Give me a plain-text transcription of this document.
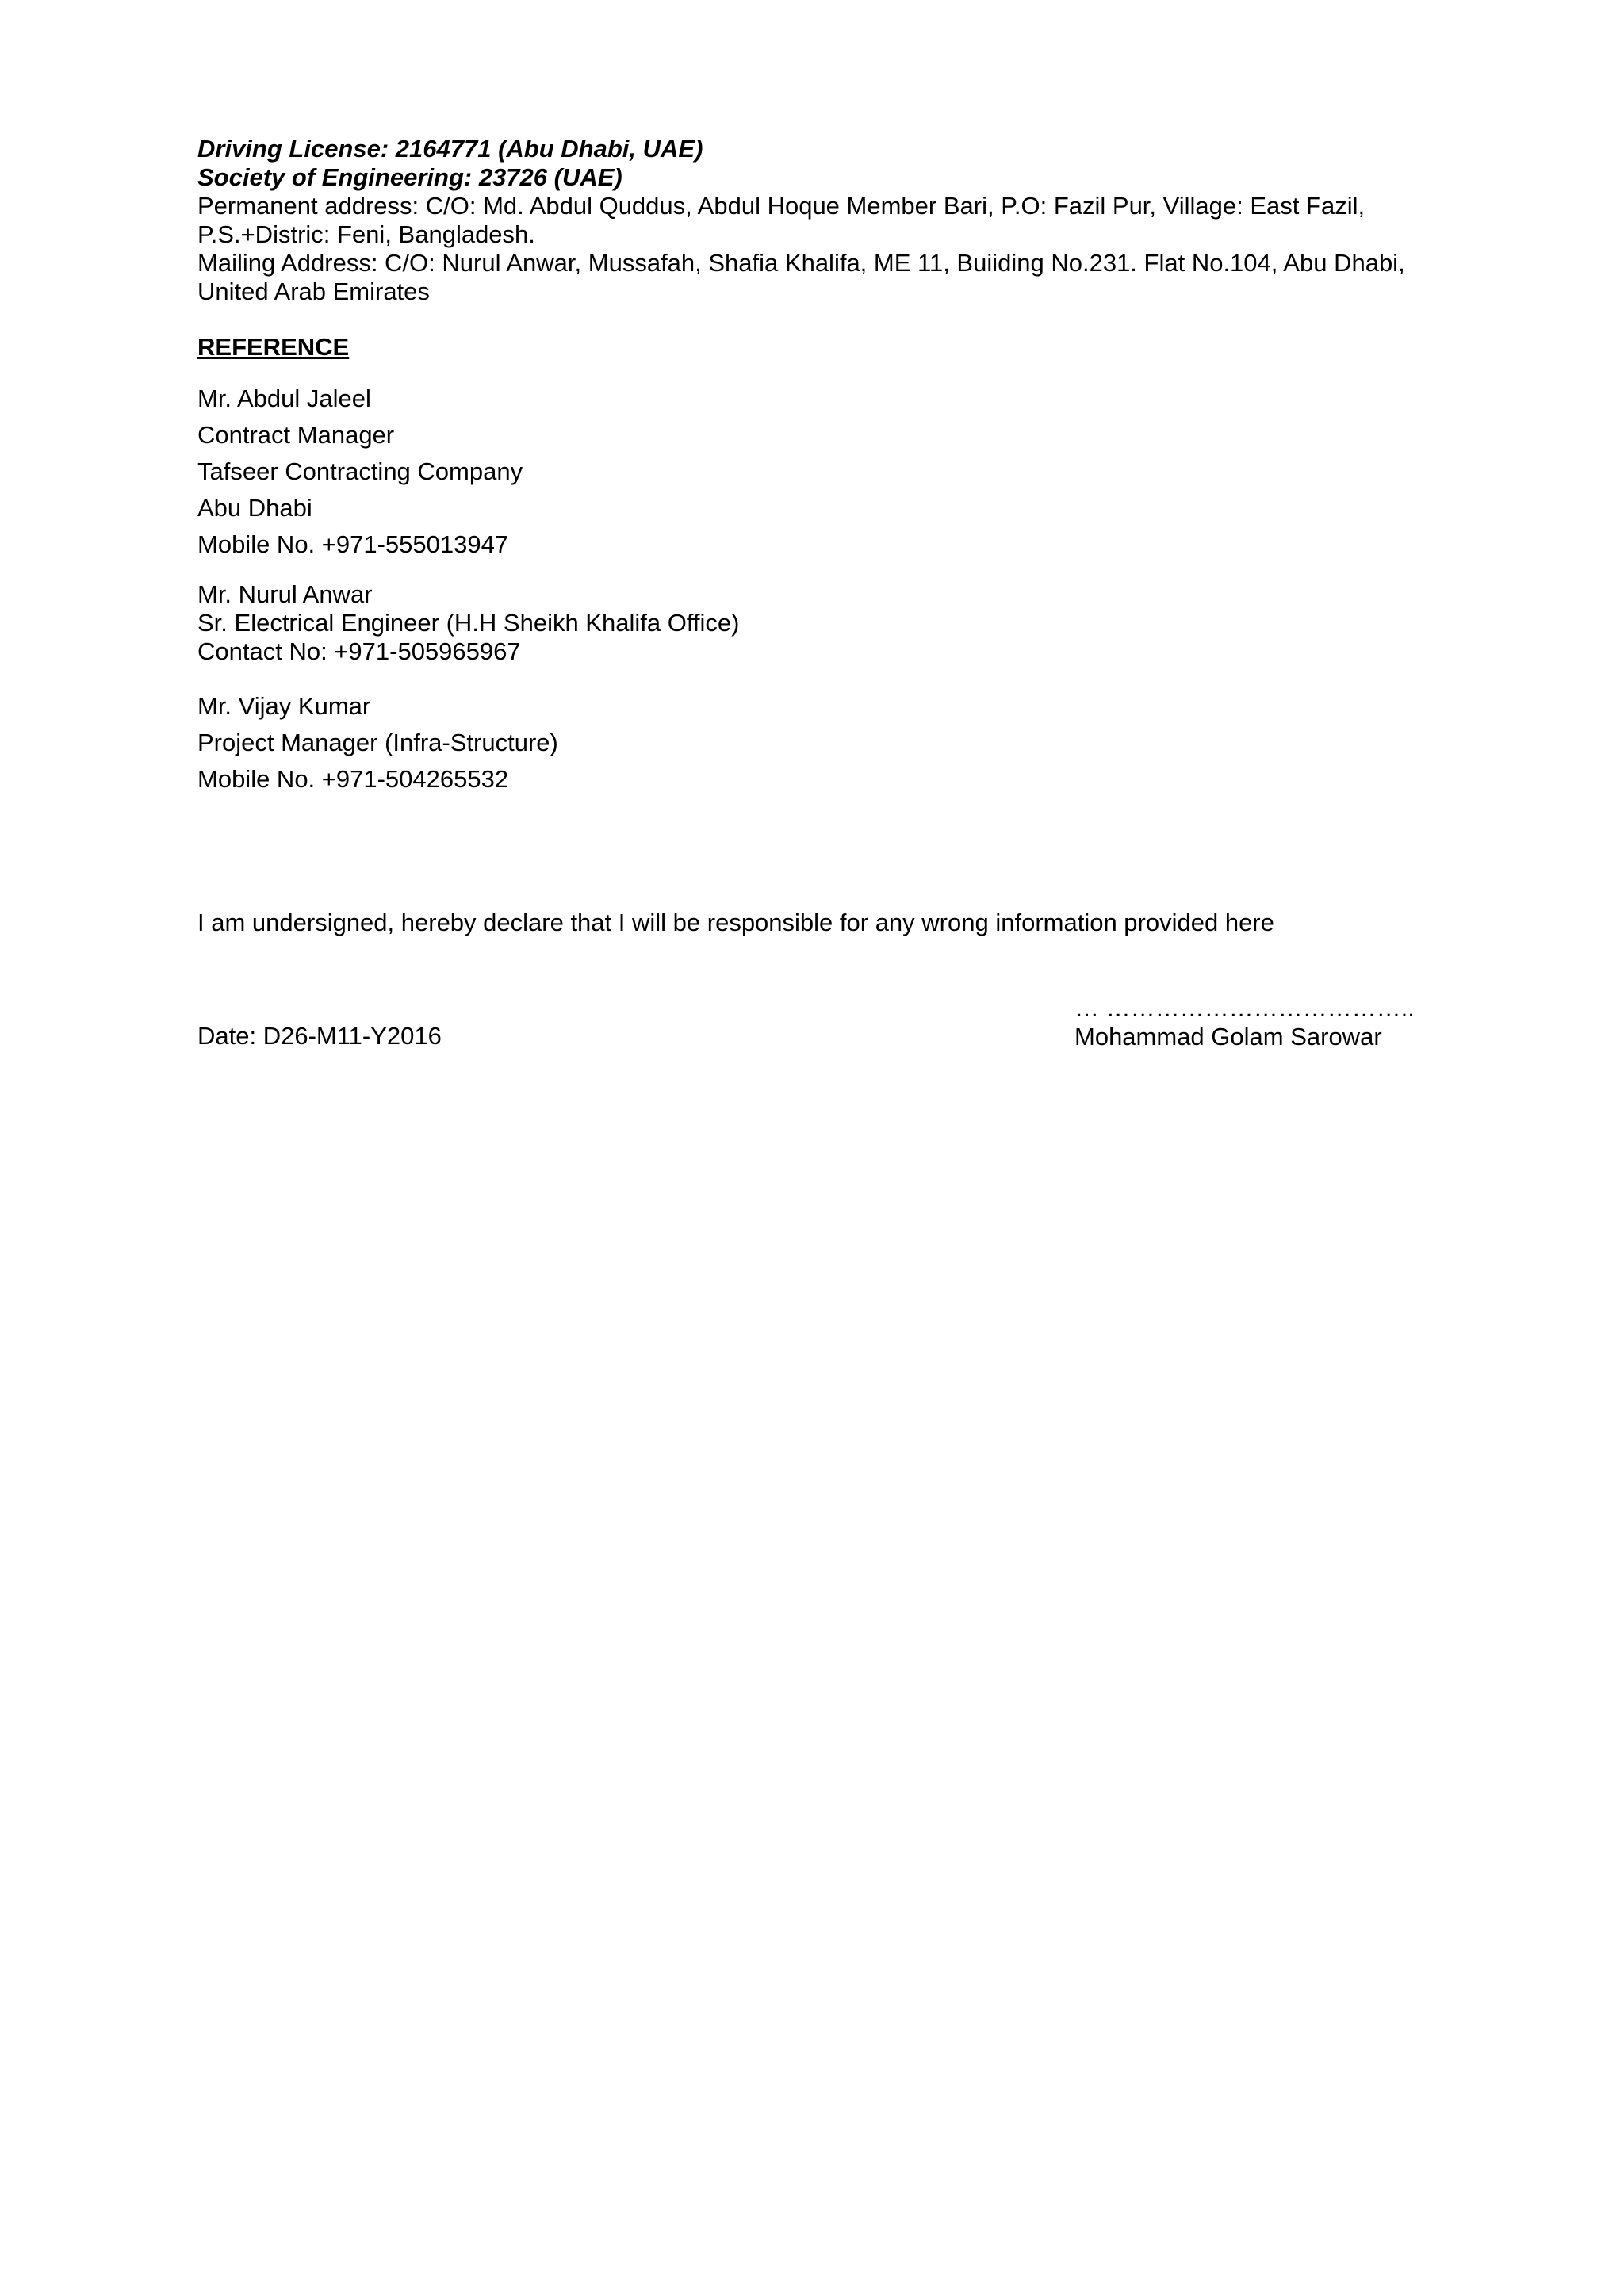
Driving License: 2164771 (Abu Dhabi, UAE)
Society of Engineering: 23726 (UAE)
Permanent address: C/O: Md. Abdul Quddus, Abdul Hoque Member Bari, P.O: Fazil Pur, Village: East Fazil,
P.S.+Distric: Feni, Bangladesh.
Mailing Address: C/O: Nurul Anwar, Mussafah, Shafia Khalifa, ME 11, Buiiding No.231. Flat No.104, Abu Dhabi,
United Arab Emirates
REFERENCE
Mr. Abdul Jaleel
Contract Manager
Tafseer Contracting Company
Abu Dhabi
Mobile No. +971-555013947
Mr. Nurul Anwar
Sr. Electrical Engineer (H.H Sheikh Khalifa Office)
Contact No: +971-505965967
Mr. Vijay Kumar
Project Manager (Infra-Structure)
Mobile No. +971-504265532
I am undersigned, hereby declare that I will be responsible for any wrong information provided here
Date: D26-M11-Y2016
… ………………………………..
Mohammad Golam Sarowar
